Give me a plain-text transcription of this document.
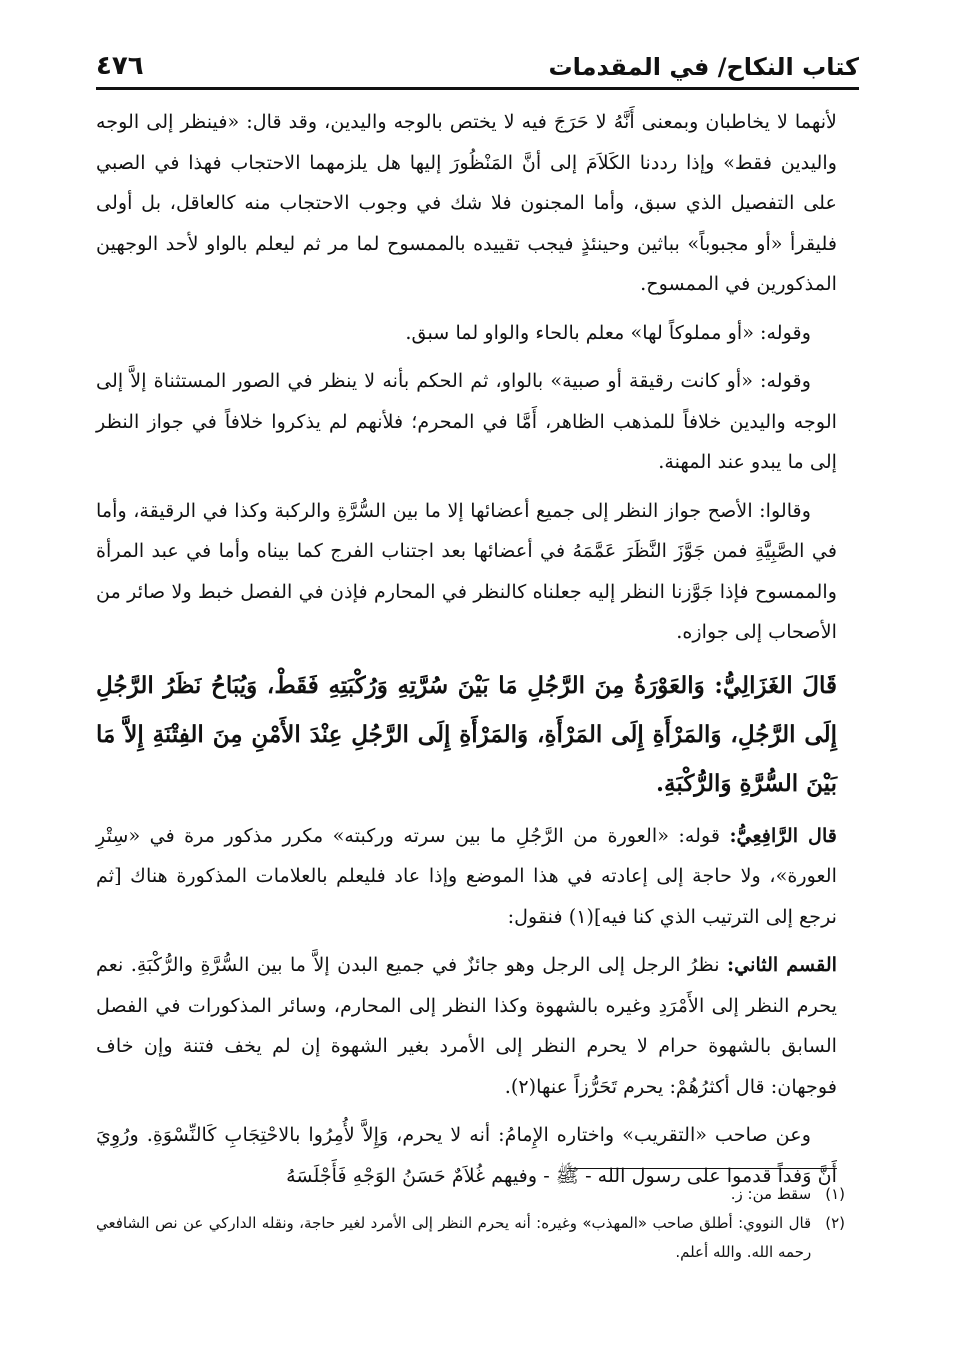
كتاب النكاح/ في المقدمات
٤٧٦

لأنهما لا يخاطبان وبمعنى أَنَّهُ لا حَرَجَ فيه لا يختص بالوجه واليدين، وقد قال: «فينظر إلى الوجه واليدين فقط» وإذا رددنا الكَلاَمَ إلى أنَّ المَنْظُورَ إليها هل يلزمهما الاحتجاب فهذا في الصبي على التفصيل الذي سبق، وأما المجنون فلا شك في وجوب الاحتجاب منه كالعاقل، بل أولى فليقرأ «أو مجبوباً» بباثين وحينئذٍ فيجب تقييده بالممسوح لما مر ثم ليعلم بالواو لأحد الوجهين المذكورين في الممسوح.

وقوله: «أو مملوكاً لها» معلم بالحاء والواو لما سبق.

وقوله: «أو كانت رقيقة أو صبية» بالواو، ثم الحكم بأنه لا ينظر في الصور المستثناة إلاَّ إلى الوجه واليدين خلافاً للمذهب الظاهر، أَمَّا في المحرم؛ فلأنهم لم يذكروا خلافاً في جواز النظر إلى ما يبدو عند المهنة.

وقالوا: الأصح جواز النظر إلى جميع أعضائها إلا ما بين السُّرَّةِ والركبة وكذا في الرقيقة، وأما في الصَّبِيَّةِ فمن جَوَّزَ النَّظَرَ عَمَّمَهُ في أعضائها بعد اجتناب الفرج كما بيناه وأما في عبد المرأة والممسوح فإذا جَوَّزنا النظر إليه جعلناه كالنظر في المحارم فإذن في الفصل خبط ولا صائر من الأصحاب إلى جوازه.

قَالَ الغَزَالِيُّ: وَالعَوْرَةُ مِنَ الرَّجُلِ مَا بَيْنَ سُرَّتِهِ وَرُكْبَتِهِ فَقَطْ، وَيُبَاحُ نَظَرُ الرَّجُلِ إِلَى الرَّجُلِ، وَالمَرْأَةِ إِلَى المَرْأَةِ، وَالمَرْأَةِ إِلَى الرَّجُلِ عِنْدَ الأَمْنِ مِنَ الفِتْنَةِ إِلاَّ مَا بَيْنَ السُّرَّةِ وَالرُّكْبَةِ.

قال الرَّافِعِيُّ: قوله: «العورة من الرَّجُلِ ما بين سرته وركبته» مكرر مذكور مرة في «سِتْرِ العورة»، ولا حاجة إلى إعادته في هذا الموضع وإذا عاد فليعلم بالعلامات المذكورة هناك [ثم نرجع إلى الترتيب الذي كنا فيه](١) فنقول:

القسم الثاني: نظرُ الرجل إلى الرجل وهو جائزٌ في جميع البدن إلاَّ ما بين السُّرَّةِ والرُّكْبَةِ. نعم يحرم النظر إلى الأَمْرَدِ وغيره بالشهوة وكذا النظر إلى المحارم، وسائر المذكورات في الفصل السابق بالشهوة حرام لا يحرم النظر إلى الأمرد بغير الشهوة إن لم يخف فتنة وإن خاف فوجهان: قال أكثرُهُمْ: يحرم تَحَرُّزاً عنها(٢).

وعن صاحب «التقريب» واختاره الإِمامُ: أنه لا يحرم، وَإِلاَّ لأُمِرُوا بالاحْتِجَابِ كَالنِّسْوَةِ. ورُوِيَ أَنَّ وَفداً قدموا على رسول الله - ﷺ - وفيهم غُلاَمٌ حَسَنُ الوَجْهِ فَأَجْلَسَهُ

(١)
سقط من: ز.
(٢)
قال النووي: أطلق صاحب «المهذب» وغيره: أنه يحرم النظر إلى الأمرد لغير حاجة، ونقله الداركي عن نص الشافعي رحمه الله. والله أعلم.
